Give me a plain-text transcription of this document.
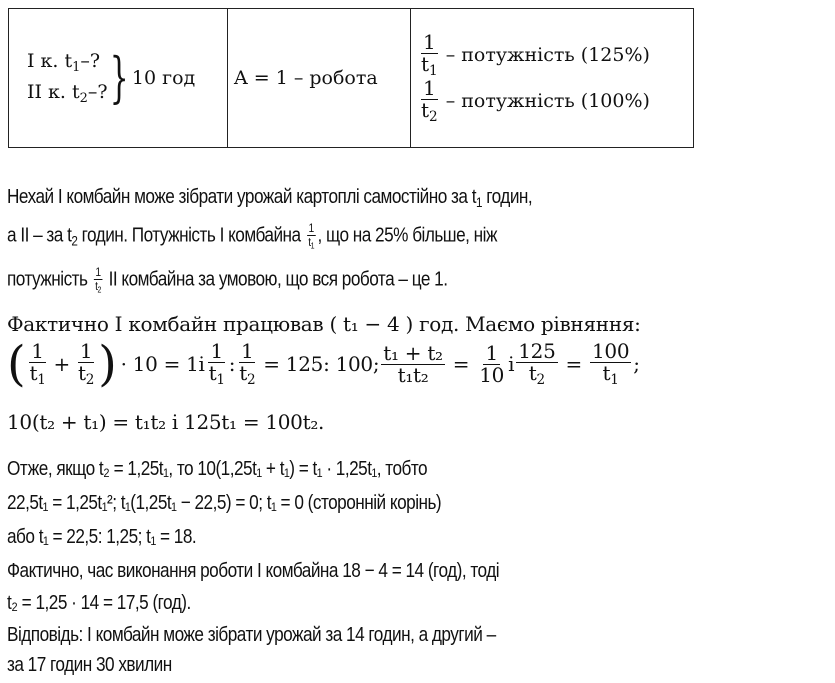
I к. $t_1-$?
II к. $t_2-$? } 10 год A = 1 – робота $\frac{1}{t_1}$ – потужність (125%)
$\frac{1}{t_2}$ – потужність (100%)
Нехай I комбайн може зібрати урожай картоплі самостійно за $t_1$ годин,
а II – за $t_2$ годин. Потужність I комбайна $\frac{1}{t_1}$ , що на 25% більше, ніж
потужність $\frac{1}{t_2}$ II комбайна за умовою, що вся робота – це 1.
Фактично I комбайн працював ( t₁ − 4 ) год. Маємо рівняння:
( $\frac{1}{t_1} + \frac{1}{t_2}$ ) · $10 = 1і \frac{1}{t_1}$ : $\frac{1}{t_2} = 125$: 100; $\frac{\text{t₁ + t₂}}{\text{t₁t₂}} = \frac{1}{10}$ і $\frac{125}{t_2} = \frac{100}{t_1}$ ;
10(t₂ + t₁) = t₁t₂ і 125t₁ = 100t₂.
Отже, якщо t₂ = 1,25t₁, то 10(1,25t₁ + t₁) = t₁ · 1,25t₁, тобто
22,5t₁ = 1,25t₁²; t₁(1,25t₁ − 22,5) = 0; t₁ = 0 (сторонній корінь)
або t₁ = 22,5: 1,25; t₁ = 18.
Фактично, час виконання роботи I комбайна 18 − 4 = 14 (год), тоді
t₂ = 1,25 · 14 = 17,5 (год).
Відповідь: I комбайн може зібрати урожай за 14 годин, а другий –
за 17 годин 30 хвилин
